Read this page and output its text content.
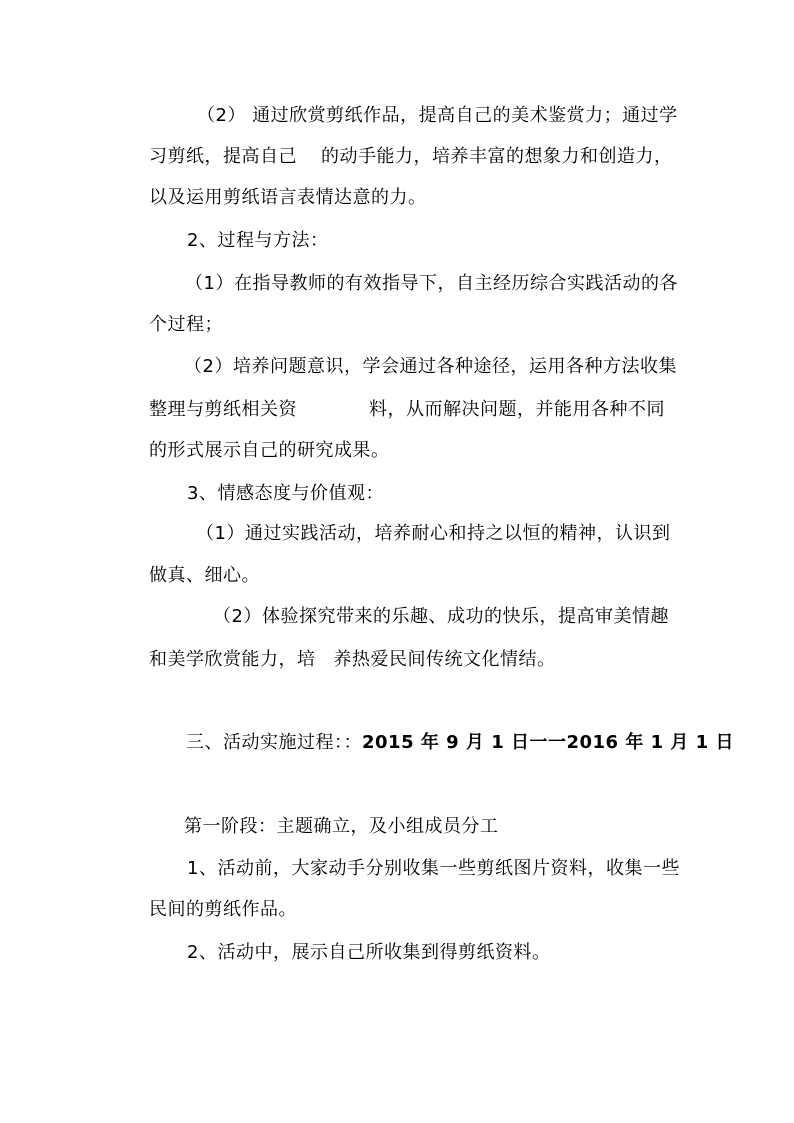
（2） 通过欣赏剪纸作品，提高自己的美术鉴赏力；通过学
习剪纸，提高自己 的动手能力，培养丰富的想象力和创造力，
以及运用剪纸语言表情达意的力。
2、过程与方法：
（1）在指导教师的有效指导下，自主经历综合实践活动的各
个过程；
（2）培养问题意识，学会通过各种途径，运用各种方法收集
整理与剪纸相关资	料，从而解决问题，并能用各种不同
的形式展示自己的研究成果。
3、情感态度与价值观：
（1）通过实践活动，培养耐心和持之以恒的精神，认识到
做真、细心。
（2）体验探究带来的乐趣、成功的快乐，提高审美情趣
和美学欣赏能力，培 养热爱民间传统文化情结。
三、活动实施过程：：2015 年 9 月 1 日一一2016 年 1 月 1 日
第一阶段：主题确立，及小组成员分工
1、活动前，大家动手分别收集一些剪纸图片资料，收集一些
民间的剪纸作品。
2、活动中，展示自己所收集到得剪纸资料。
